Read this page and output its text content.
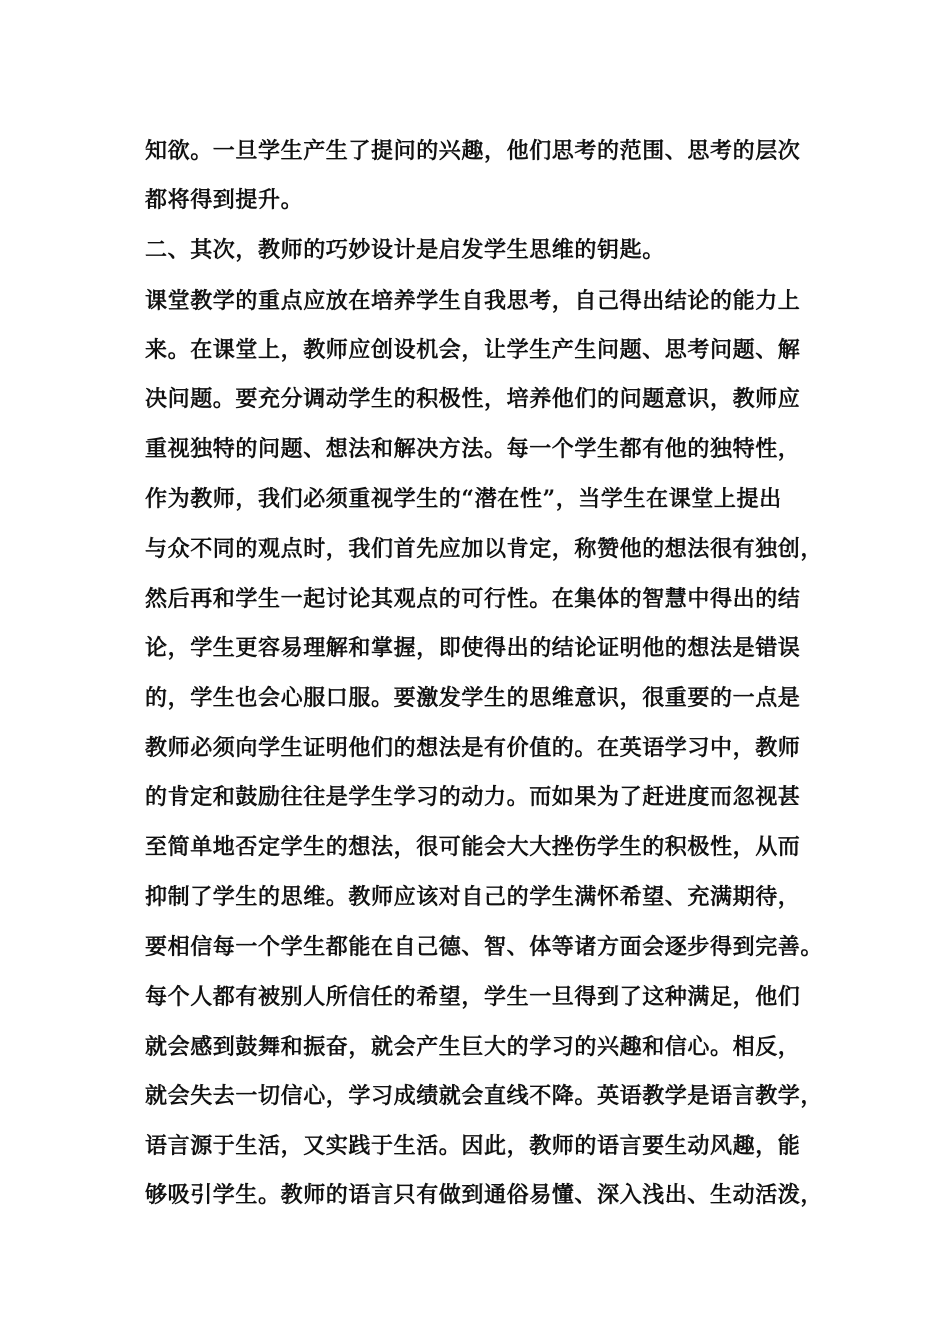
知欲。一旦学生产生了提问的兴趣，他们思考的范围、思考的层次
都将得到提升。
二、其次，教师的巧妙设计是启发学生思维的钥匙。
课堂教学的重点应放在培养学生自我思考，自己得出结论的能力上
来。在课堂上，教师应创设机会，让学生产生问题、思考问题、解
决问题。要充分调动学生的积极性，培养他们的问题意识，教师应
重视独特的问题、想法和解决方法。每一个学生都有他的独特性，
作为教师，我们必须重视学生的“潜在性”，当学生在课堂上提出
与众不同的观点时，我们首先应加以肯定，称赞他的想法很有独创，
然后再和学生一起讨论其观点的可行性。在集体的智慧中得出的结
论，学生更容易理解和掌握，即使得出的结论证明他的想法是错误
的，学生也会心服口服。要激发学生的思维意识，很重要的一点是
教师必须向学生证明他们的想法是有价值的。在英语学习中，教师
的肯定和鼓励往往是学生学习的动力。而如果为了赶进度而忽视甚
至简单地否定学生的想法，很可能会大大挫伤学生的积极性，从而
抑制了学生的思维。教师应该对自己的学生满怀希望、充满期待，
要相信每一个学生都能在自己德、智、体等诸方面会逐步得到完善。
每个人都有被别人所信任的希望，学生一旦得到了这种满足，他们
就会感到鼓舞和振奋，就会产生巨大的学习的兴趣和信心。相反，
就会失去一切信心，学习成绩就会直线不降。英语教学是语言教学，
语言源于生活，又实践于生活。因此，教师的语言要生动风趣，能
够吸引学生。教师的语言只有做到通俗易懂、深入浅出、生动活泼，
